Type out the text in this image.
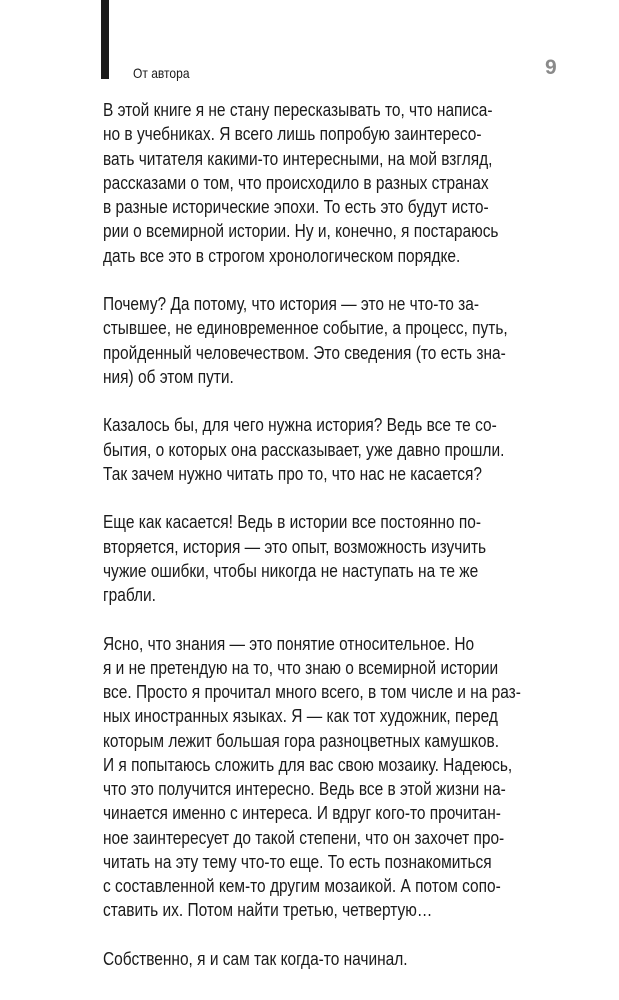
От автора	9
В этой книге я не стану пересказывать то, что написа-
но в учебниках. Я всего лишь попробую заинтересо-
вать читателя какими-то интересными, на мой взгляд,
рассказами о том, что происходило в разных странах
в разные исторические эпохи. То есть это будут исто-
рии о всемирной истории. Ну и, конечно, я постараюсь
дать все это в строгом хронологическом порядке.
Почему? Да потому, что история — это не что-то за-
стывшее, не единовременное событие, а процесс, путь,
пройденный человечеством. Это сведения (то есть зна-
ния) об этом пути.
Казалось бы, для чего нужна история? Ведь все те со-
бытия, о которых она рассказывает, уже давно прошли.
Так зачем нужно читать про то, что нас не касается?
Еще как касается! Ведь в истории все постоянно по-
вторяется, история — это опыт, возможность изучить
чужие ошибки, чтобы никогда не наступать на те же
грабли.
Ясно, что знания — это понятие относительное. Но
я и не претендую на то, что знаю о всемирной истории
все. Просто я прочитал много всего, в том числе и на раз-
ных иностранных языках. Я — как тот художник, перед
которым лежит большая гора разноцветных камушков.
И я попытаюсь сложить для вас свою мозаику. Надеюсь,
что это получится интересно. Ведь все в этой жизни на-
чинается именно с интереса. И вдруг кого-то прочитан-
ное заинтересует до такой степени, что он захочет про-
читать на эту тему что-то еще. То есть познакомиться
с составленной кем-то другим мозаикой. А потом сопо-
ставить их. Потом найти третью, четвертую…
Собственно, я и сам так когда-то начинал.
